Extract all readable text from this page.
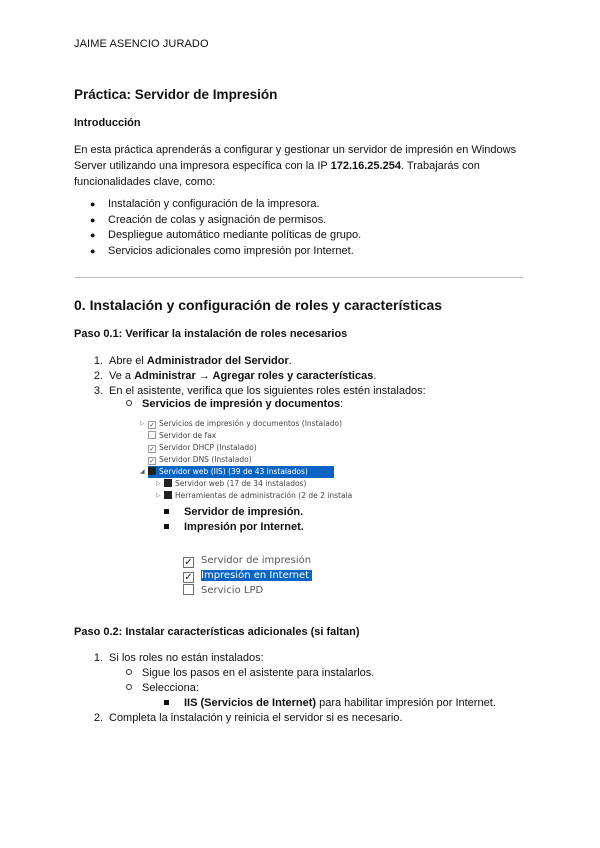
JAIME ASENCIO JURADO
Práctica: Servidor de Impresión
Introducción
En esta práctica aprenderás a configurar y gestionar un servidor de impresión en Windows Server utilizando una impresora específica con la IP 172.16.25.254. Trabajarás con funcionalidades clave, como:
● Instalación y configuración de la impresora.
● Creación de colas y asignación de permisos.
● Despliegue automático mediante políticas de grupo.
● Servicios adicionales como impresión por Internet.
0. Instalación y configuración de roles y características
Paso 0.1: Verificar la instalación de roles necesarios
1. Abre el Administrador del Servidor.
2. Ve a Administrar → Agregar roles y características.
3. En el asistente, verifica que los siguientes roles estén instalados:
Servicios de impresión y documentos:
▷ ✓ Servicios de impresión y documentos (Instalado)
Servidor de fax
✓ Servidor DHCP (Instalado)
✓ Servidor DNS (Instalado)
◢	Servidor web (IIS) (39 de 43 instalados)
▷	Servidor web (17 de 34 instalados)
▷	Herramientas de administración (2 de 2 instala
Servidor de impresión.
Impresión por Internet.
✓ Servidor de impresión
✓ Impresión en Internet
Servicio LPD
Paso 0.2: Instalar características adicionales (si faltan)
1. Si los roles no están instalados:
Sigue los pasos en el asistente para instalarlos.
Selecciona:
IIS (Servicios de Internet) para habilitar impresión por Internet.
2. Completa la instalación y reinicia el servidor si es necesario.
